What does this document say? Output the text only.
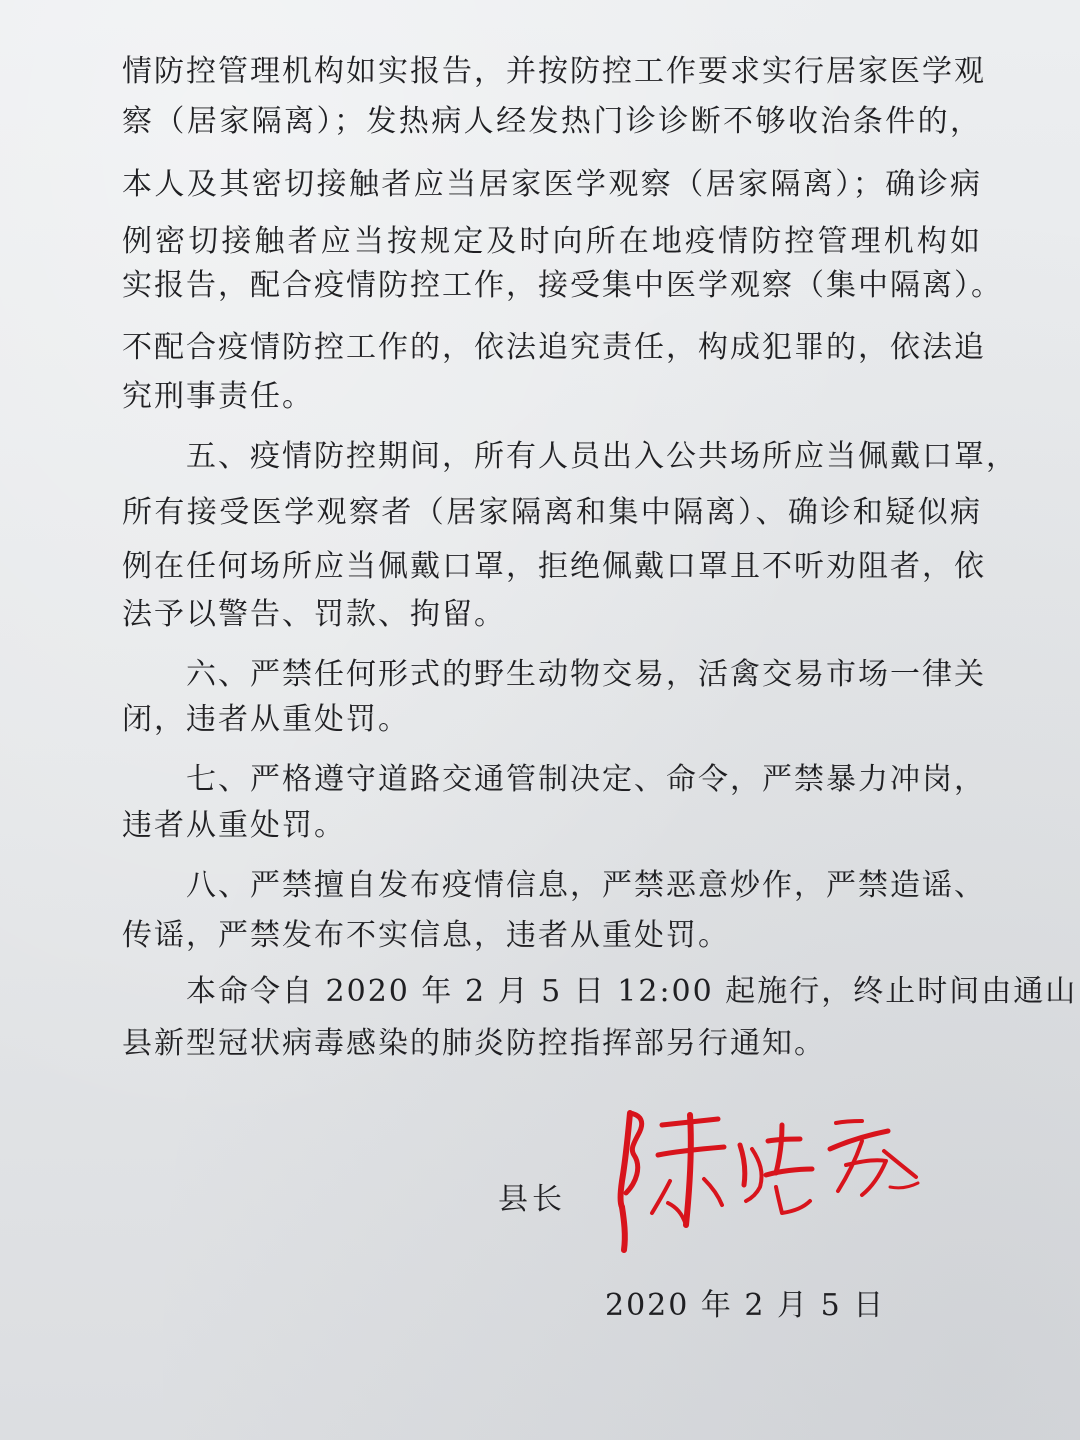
情防控管理机构如实报告，并按防控工作要求实行居家医学观
察（居家隔离）；发热病人经发热门诊诊断不够收治条件的，
本人及其密切接触者应当居家医学观察（居家隔离）；确诊病
例密切接触者应当按规定及时向所在地疫情防控管理机构如
实报告，配合疫情防控工作，接受集中医学观察（集中隔离）。
不配合疫情防控工作的，依法追究责任，构成犯罪的，依法追
究刑事责任。
五、疫情防控期间，所有人员出入公共场所应当佩戴口罩，
所有接受医学观察者（居家隔离和集中隔离）、确诊和疑似病
例在任何场所应当佩戴口罩，拒绝佩戴口罩且不听劝阻者，依
法予以警告、罚款、拘留。
六、严禁任何形式的野生动物交易，活禽交易市场一律关
闭，违者从重处罚。
七、严格遵守道路交通管制决定、命令，严禁暴力冲岗，
违者从重处罚。
八、严禁擅自发布疫情信息，严禁恶意炒作，严禁造谣、
传谣，严禁发布不实信息，违者从重处罚。
本命令自 2020 年 2 月 5 日 12:00 起施行，终止时间由通山
县新型冠状病毒感染的肺炎防控指挥部另行通知。
县长
2020 年 2 月 5 日
